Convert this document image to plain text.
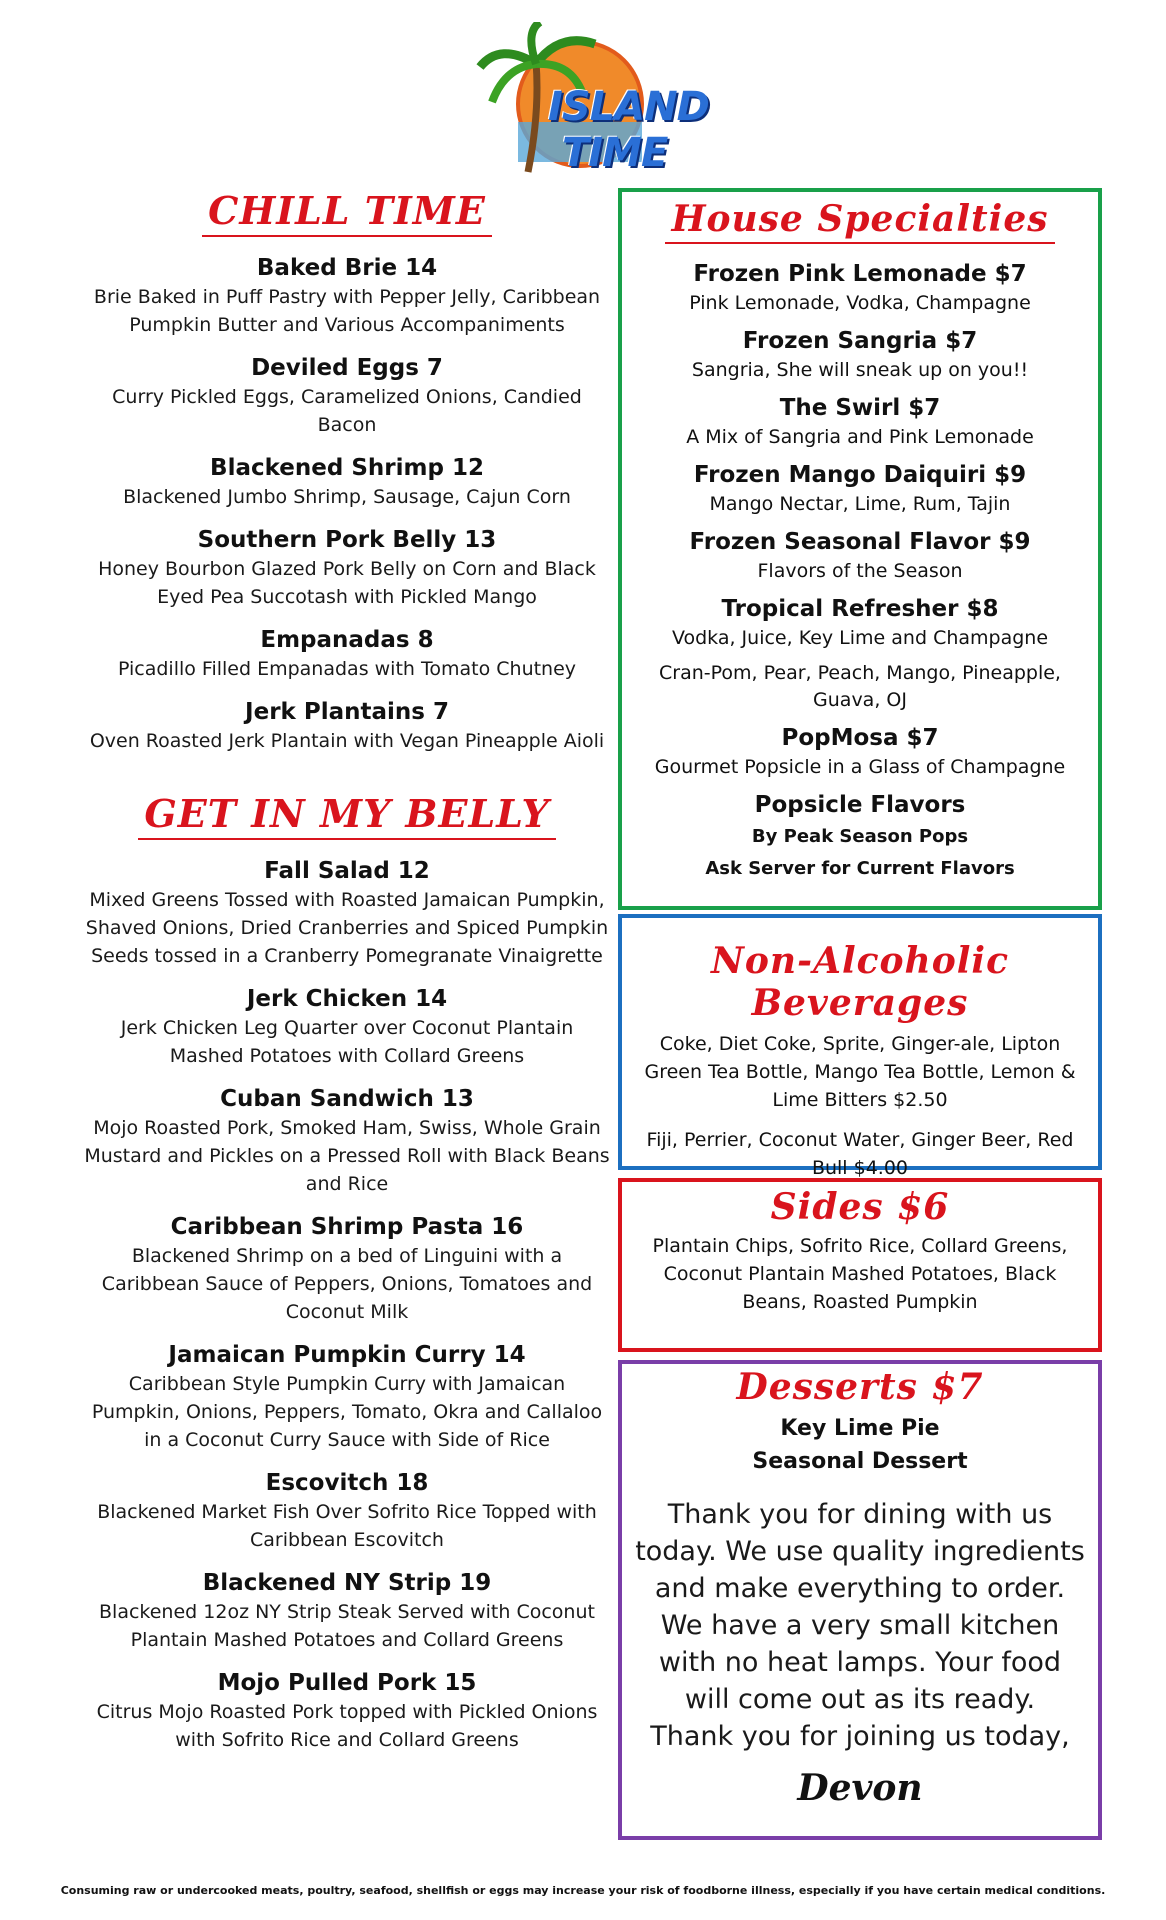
ISLAND
TIME
CHILL TIME
Baked Brie 14
Brie Baked in Puff Pastry with Pepper Jelly, Caribbean Pumpkin Butter and Various Accompaniments
Deviled Eggs 7
Curry Pickled Eggs, Caramelized Onions, Candied Bacon
Blackened Shrimp 12
Blackened Jumbo Shrimp, Sausage, Cajun Corn
Southern Pork Belly 13
Honey Bourbon Glazed Pork Belly on Corn and Black Eyed Pea Succotash with Pickled Mango
Empanadas 8
Picadillo Filled Empanadas with Tomato Chutney
Jerk Plantains 7
Oven Roasted Jerk Plantain with Vegan Pineapple Aioli
GET IN MY BELLY
Fall Salad 12
Mixed Greens Tossed with Roasted Jamaican Pumpkin, Shaved Onions, Dried Cranberries and Spiced Pumpkin Seeds tossed in a Cranberry Pomegranate Vinaigrette
Jerk Chicken 14
Jerk Chicken Leg Quarter over Coconut Plantain Mashed Potatoes with Collard Greens
Cuban Sandwich 13
Mojo Roasted Pork, Smoked Ham, Swiss, Whole Grain Mustard and Pickles on a Pressed Roll with Black Beans and Rice
Caribbean Shrimp Pasta 16
Blackened Shrimp on a bed of Linguini with a Caribbean Sauce of Peppers, Onions, Tomatoes and Coconut Milk
Jamaican Pumpkin Curry 14
Caribbean Style Pumpkin Curry with Jamaican Pumpkin, Onions, Peppers, Tomato, Okra and Callaloo in a Coconut Curry Sauce with Side of Rice
Escovitch 18
Blackened Market Fish Over Sofrito Rice Topped with Caribbean Escovitch
Blackened NY Strip 19
Blackened 12oz NY Strip Steak Served with Coconut Plantain Mashed Potatoes and Collard Greens
Mojo Pulled Pork 15
Citrus Mojo Roasted Pork topped with Pickled Onions with Sofrito Rice and Collard Greens
House Specialties
Frozen Pink Lemonade $7
Pink Lemonade, Vodka, Champagne
Frozen Sangria $7
Sangria, She will sneak up on you!!
The Swirl $7
A Mix of Sangria and Pink Lemonade
Frozen Mango Daiquiri $9
Mango Nectar, Lime, Rum, Tajin
Frozen Seasonal Flavor $9
Flavors of the Season
Tropical Refresher $8
Vodka, Juice, Key Lime and Champagne
Cran-Pom, Pear, Peach, Mango, Pineapple, Guava, OJ
PopMosa $7
Gourmet Popsicle in a Glass of Champagne
Popsicle Flavors
By Peak Season Pops
Ask Server for Current Flavors
Non-Alcoholic Beverages
Coke, Diet Coke, Sprite, Ginger-ale, Lipton Green Tea Bottle, Mango Tea Bottle, Lemon & Lime Bitters $2.50
Fiji, Perrier, Coconut Water, Ginger Beer, Red Bull $4.00
Sides $6
Plantain Chips, Sofrito Rice, Collard Greens, Coconut Plantain Mashed Potatoes, Black Beans, Roasted Pumpkin
Desserts $7
Key Lime Pie
Seasonal Dessert
Thank you for dining with us today. We use quality ingredients and make everything to order. We have a very small kitchen with no heat lamps. Your food will come out as its ready.
Thank you for joining us today,
Devon
Consuming raw or undercooked meats, poultry, seafood, shellfish or eggs may increase your risk of foodborne illness, especially if you have certain medical conditions.
